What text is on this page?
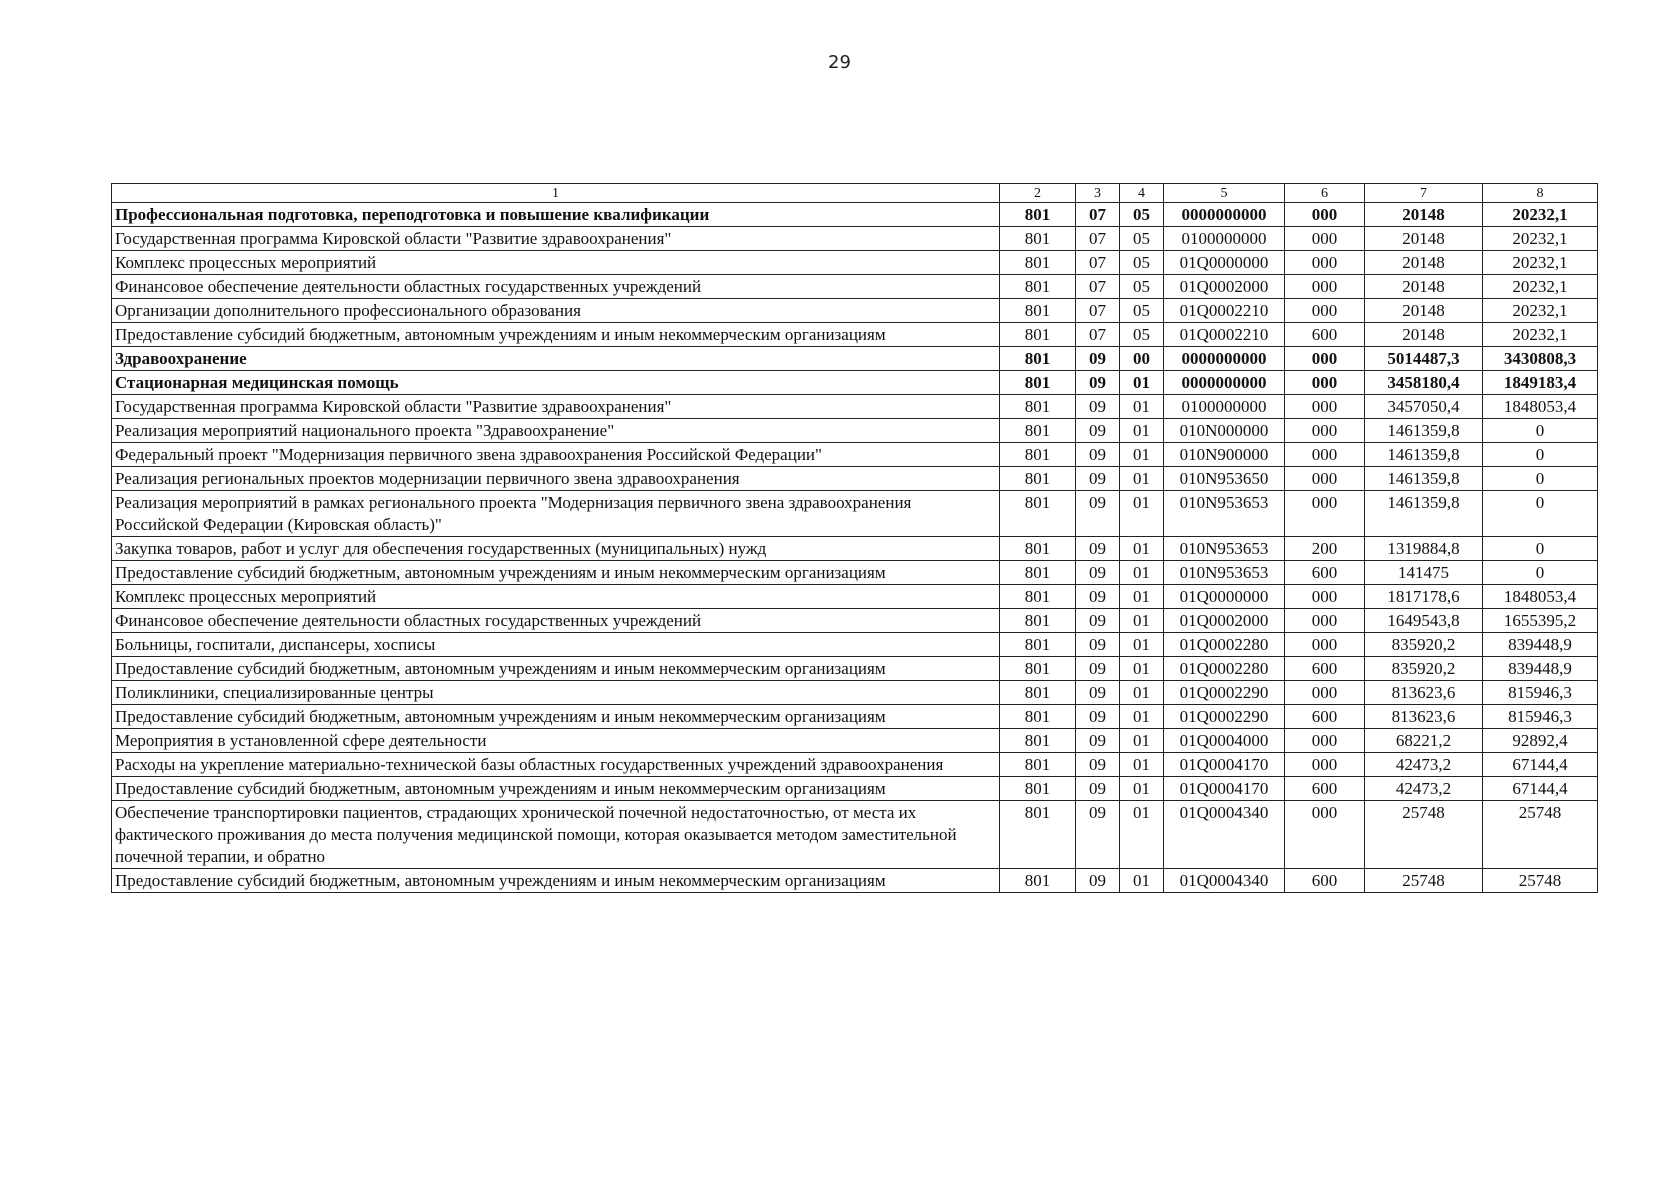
29
1	2	3	4	5	6	7	8
Профессиональная подготовка, переподготовка и повышение квалификации	801	07	05	0000000000	000	20148	20232,1
Государственная программа Кировской области "Развитие здравоохранения"	801	07	05	0100000000	000	20148	20232,1
Комплекс процессных мероприятий	801	07	05	01Q0000000	000	20148	20232,1
Финансовое обеспечение деятельности областных государственных учреждений	801	07	05	01Q0002000	000	20148	20232,1
Организации дополнительного профессионального образования	801	07	05	01Q0002210	000	20148	20232,1
Предоставление субсидий бюджетным, автономным учреждениям и иным некоммерческим организациям	801	07	05	01Q0002210	600	20148	20232,1
Здравоохранение	801	09	00	0000000000	000	5014487,3	3430808,3
Стационарная медицинская помощь	801	09	01	0000000000	000	3458180,4	1849183,4
Государственная программа Кировской области "Развитие здравоохранения"	801	09	01	0100000000	000	3457050,4	1848053,4
Реализация мероприятий национального проекта "Здравоохранение"	801	09	01	010N000000	000	1461359,8	0
Федеральный проект "Модернизация первичного звена здравоохранения Российской Федерации"	801	09	01	010N900000	000	1461359,8	0
Реализация региональных проектов модернизации первичного звена здравоохранения	801	09	01	010N953650	000	1461359,8	0
Реализация мероприятий в рамках регионального проекта "Модернизация первичного звена здравоохранения Российской Федерации (Кировская область)"	801	09	01	010N953653	000	1461359,8	0
Закупка товаров, работ и услуг для обеспечения государственных (муниципальных) нужд	801	09	01	010N953653	200	1319884,8	0
Предоставление субсидий бюджетным, автономным учреждениям и иным некоммерческим организациям	801	09	01	010N953653	600	141475	0
Комплекс процессных мероприятий	801	09	01	01Q0000000	000	1817178,6	1848053,4
Финансовое обеспечение деятельности областных государственных учреждений	801	09	01	01Q0002000	000	1649543,8	1655395,2
Больницы, госпитали, диспансеры, хосписы	801	09	01	01Q0002280	000	835920,2	839448,9
Предоставление субсидий бюджетным, автономным учреждениям и иным некоммерческим организациям	801	09	01	01Q0002280	600	835920,2	839448,9
Поликлиники, специализированные центры	801	09	01	01Q0002290	000	813623,6	815946,3
Предоставление субсидий бюджетным, автономным учреждениям и иным некоммерческим организациям	801	09	01	01Q0002290	600	813623,6	815946,3
Мероприятия в установленной сфере деятельности	801	09	01	01Q0004000	000	68221,2	92892,4
Расходы на укрепление материально-технической базы областных государственных учреждений здравоохранения	801	09	01	01Q0004170	000	42473,2	67144,4
Предоставление субсидий бюджетным, автономным учреждениям и иным некоммерческим организациям	801	09	01	01Q0004170	600	42473,2	67144,4
Обеспечение транспортировки пациентов, страдающих хронической почечной недостаточностью, от места их фактического проживания до места получения медицинской помощи, которая оказывается методом заместительной почечной терапии, и обратно	801	09	01	01Q0004340	000	25748	25748
Предоставление субсидий бюджетным, автономным учреждениям и иным некоммерческим организациям	801	09	01	01Q0004340	600	25748	25748
